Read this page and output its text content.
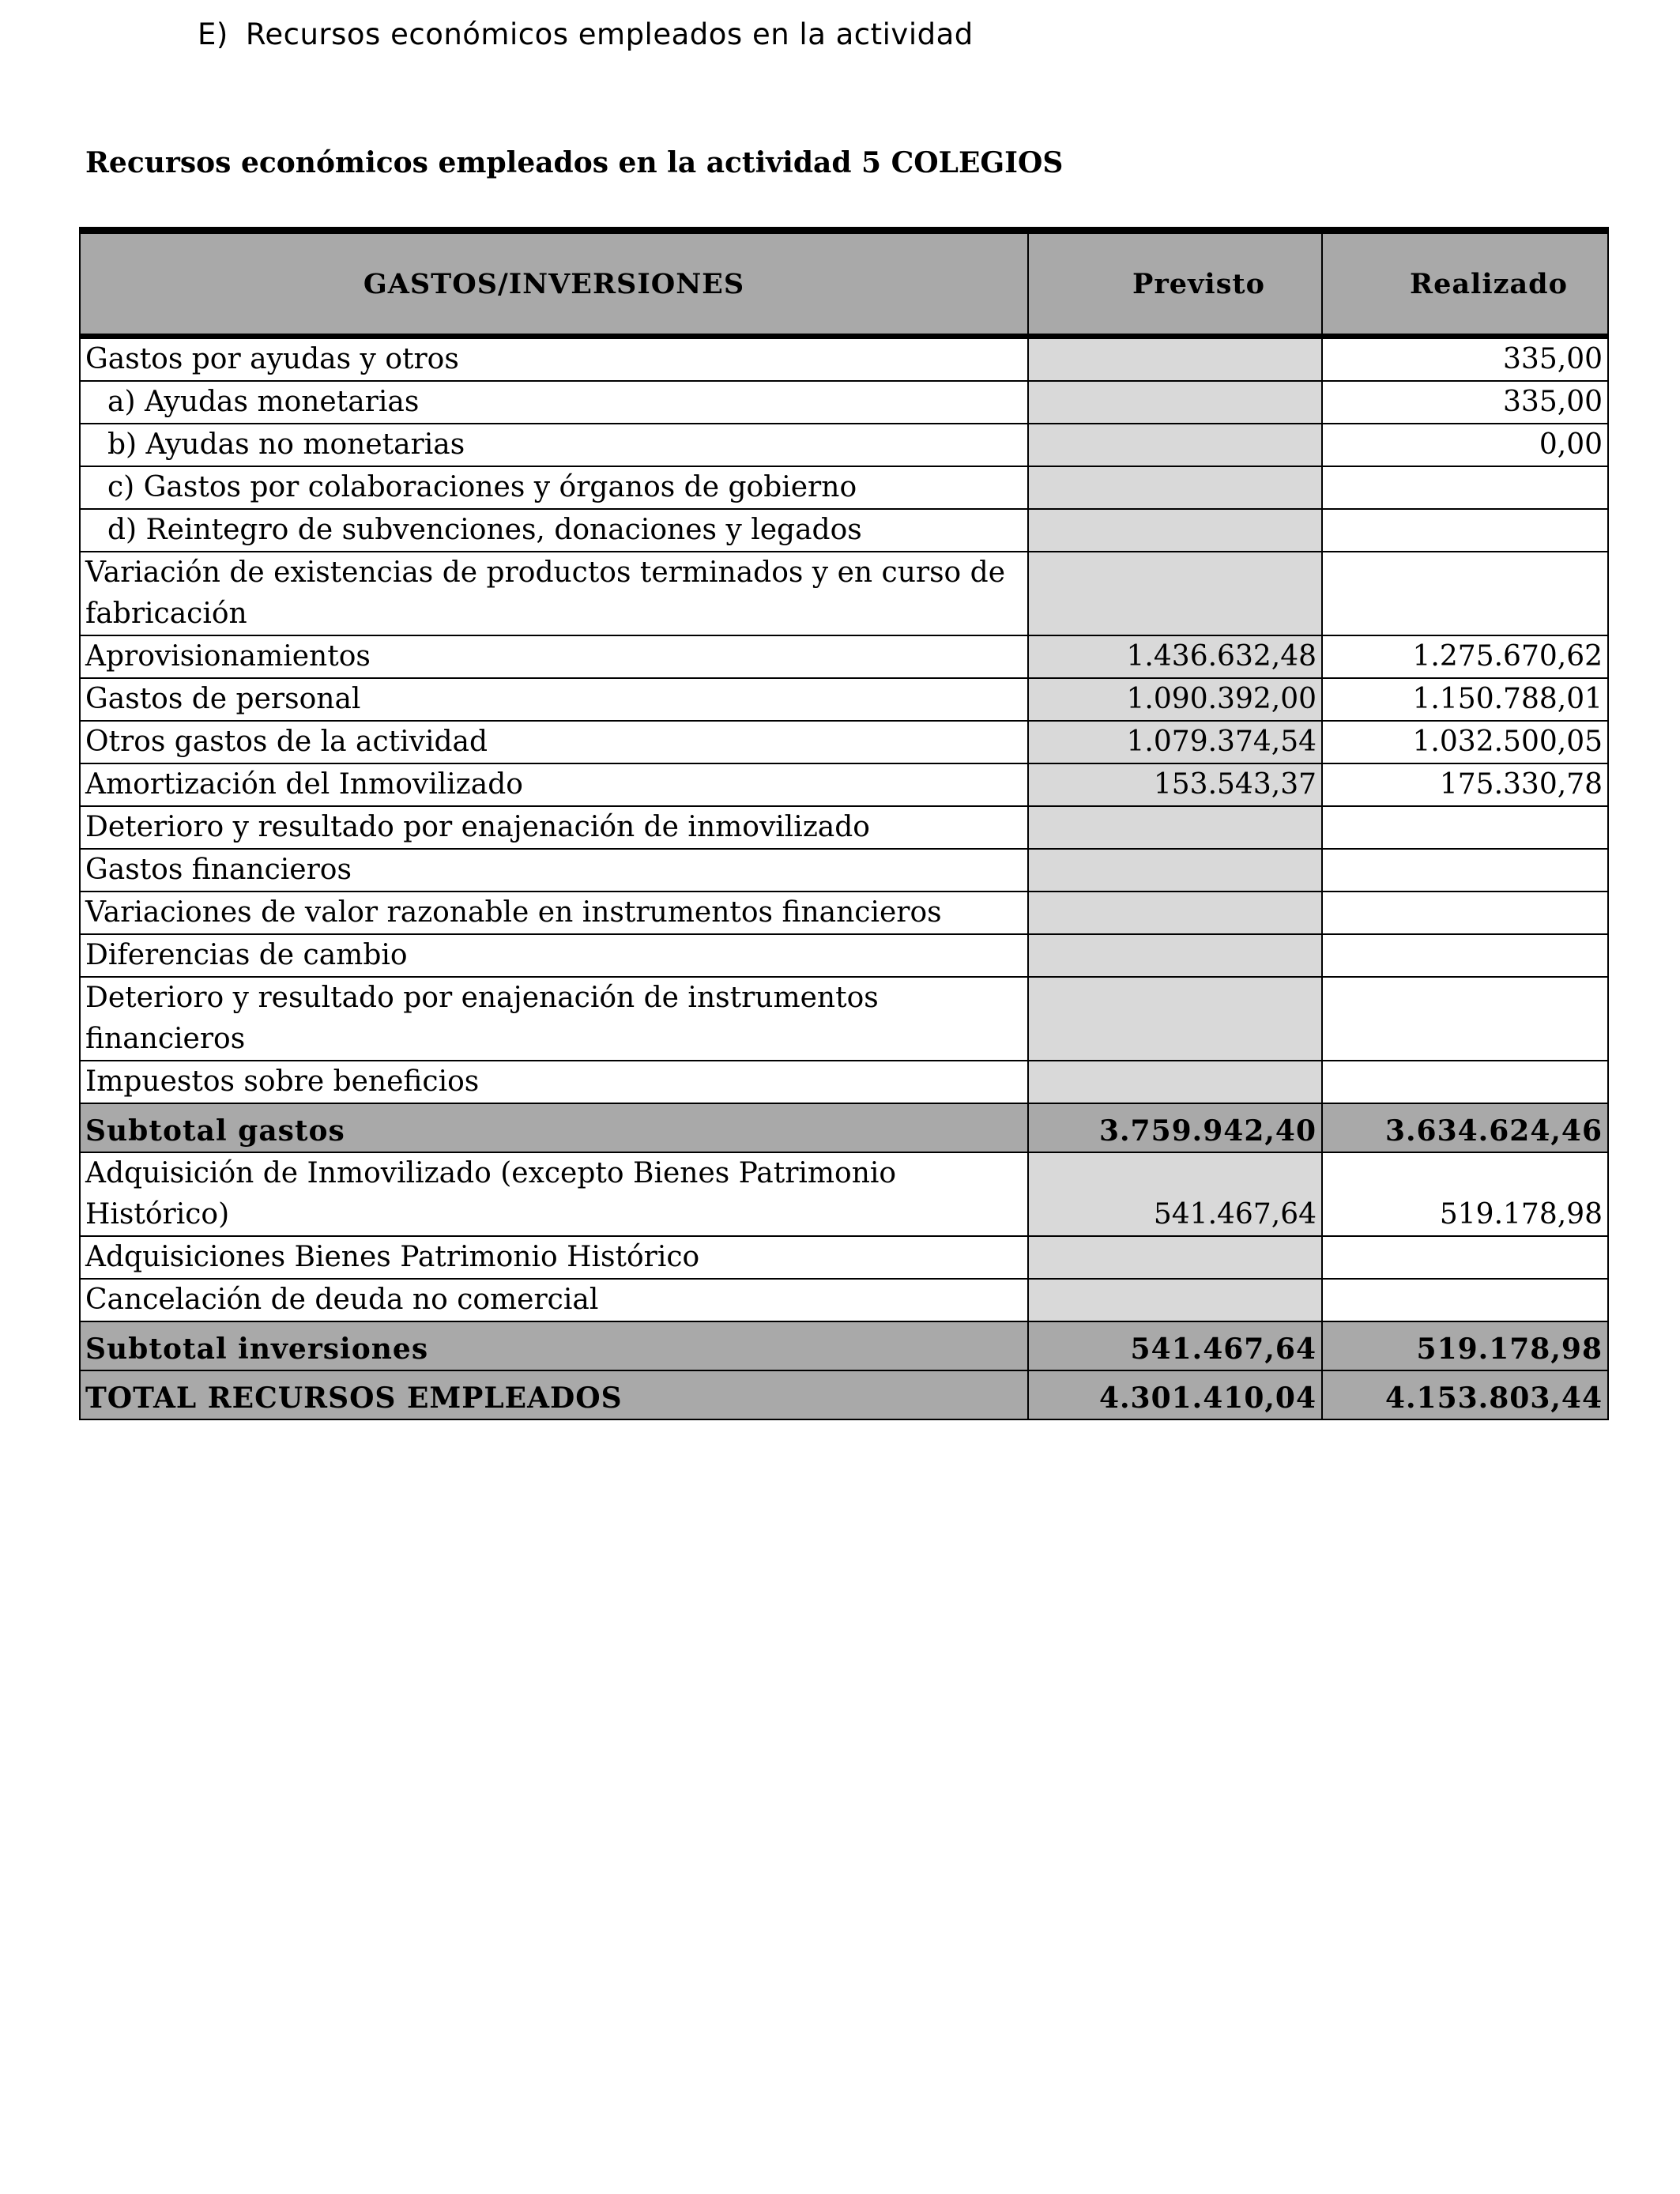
E) Recursos económicos empleados en la actividad
Recursos económicos empleados en la actividad 5 COLEGIOS
GASTOS/INVERSIONES	Previsto	Realizado
Gastos por ayudas y otros		335,00
a) Ayudas monetarias		335,00
b) Ayudas no monetarias		0,00
c) Gastos por colaboraciones y órganos de gobierno		
d) Reintegro de subvenciones, donaciones y legados		
Variación de existencias de productos terminados y en curso de fabricación		
Aprovisionamientos	1.436.632,48	1.275.670,62
Gastos de personal	1.090.392,00	1.150.788,01
Otros gastos de la actividad	1.079.374,54	1.032.500,05
Amortización del Inmovilizado	153.543,37	175.330,78
Deterioro y resultado por enajenación de inmovilizado		
Gastos financieros		
Variaciones de valor razonable en instrumentos financieros		
Diferencias de cambio		
Deterioro y resultado por enajenación de instrumentos financieros		
Impuestos sobre beneficios		
Subtotal gastos	3.759.942,40	3.634.624,46
Adquisición de Inmovilizado (excepto Bienes Patrimonio Histórico)	541.467,64	519.178,98
Adquisiciones Bienes Patrimonio Histórico		
Cancelación de deuda no comercial		
Subtotal inversiones	541.467,64	519.178,98
TOTAL RECURSOS EMPLEADOS	4.301.410,04	4.153.803,44
